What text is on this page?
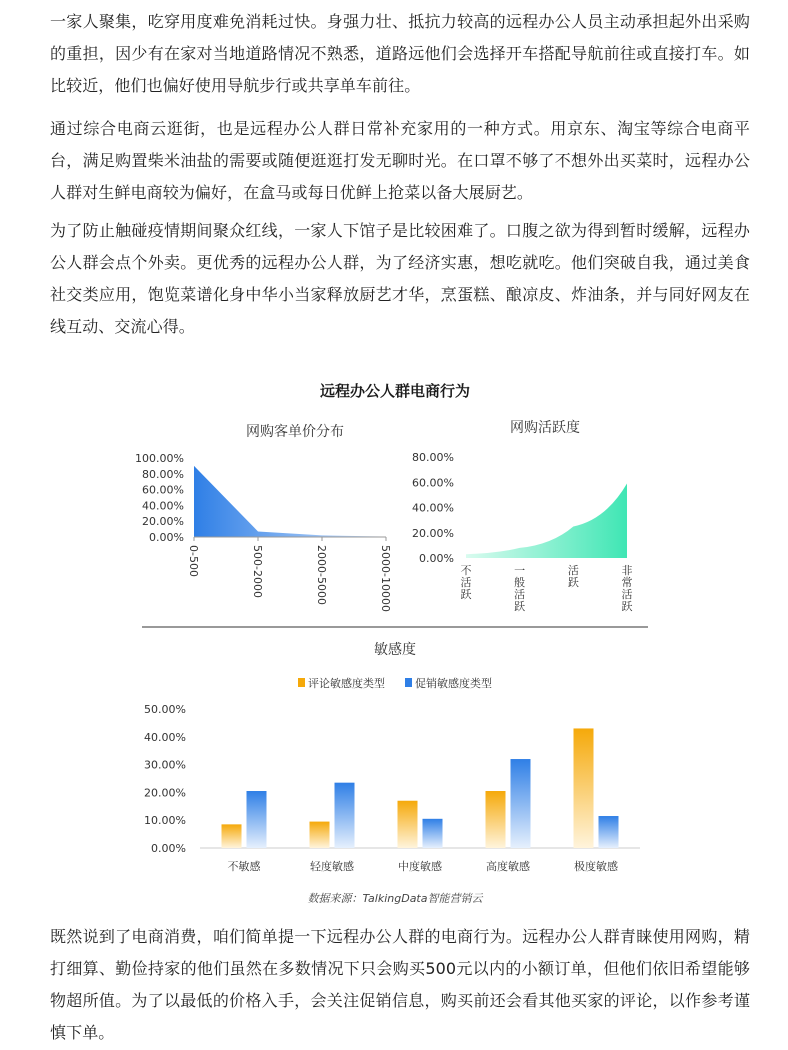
一家人聚集，吃穿用度难免消耗过快。身强力壮、抵抗力较高的远程办公人员主动承担起外出采购的重担，因少有在家对当地道路情况不熟悉，道路远他们会选择开车搭配导航前往或直接打车。如比较近，他们也偏好使用导航步行或共享单车前往。

通过综合电商云逛街，也是远程办公人群日常补充家用的一种方式。用京东、淘宝等综合电商平台，满足购置柴米油盐的需要或随便逛逛打发无聊时光。在口罩不够了不想外出买菜时，远程办公人群对生鲜电商较为偏好，在盒马或每日优鲜上抢菜以备大展厨艺。

为了防止触碰疫情期间聚众红线，一家人下馆子是比较困难了。口腹之欲为得到暂时缓解，远程办公人群会点个外卖。更优秀的远程办公人群，为了经济实惠，想吃就吃。他们突破自我，通过美食社交类应用，饱览菜谱化身中华小当家释放厨艺才华，烹蛋糕、酿凉皮、炸油条，并与同好网友在线互动、交流心得。

远程办公人群电商行为
网购客单价分布
0.00%
20.00%
40.00%
60.00%
80.00%
100.00%
0-500	500-2000	2000-5000	5000-10000
网购活跃度
0.00%
20.00%
40.00%
60.00%
80.00%
不活跃
一般活跃
活跃
非常活跃
敏感度
0.00%
10.00%
20.00%
30.00%
40.00%
50.00%
不敏感	轻度敏感	中度敏感	高度敏感	极度敏感
评论敏感度类型	促销敏感度类型
数据来源：TalkingData智能营销云

既然说到了电商消费，咱们简单提一下远程办公人群的电商行为。远程办公人群青睐使用网购，精打细算、勤俭持家的他们虽然在多数情况下只会购买500元以内的小额订单，但他们依旧希望能够物超所值。为了以最低的价格入手，会关注促销信息，购买前还会看其他买家的评论，以作参考谨慎下单。
